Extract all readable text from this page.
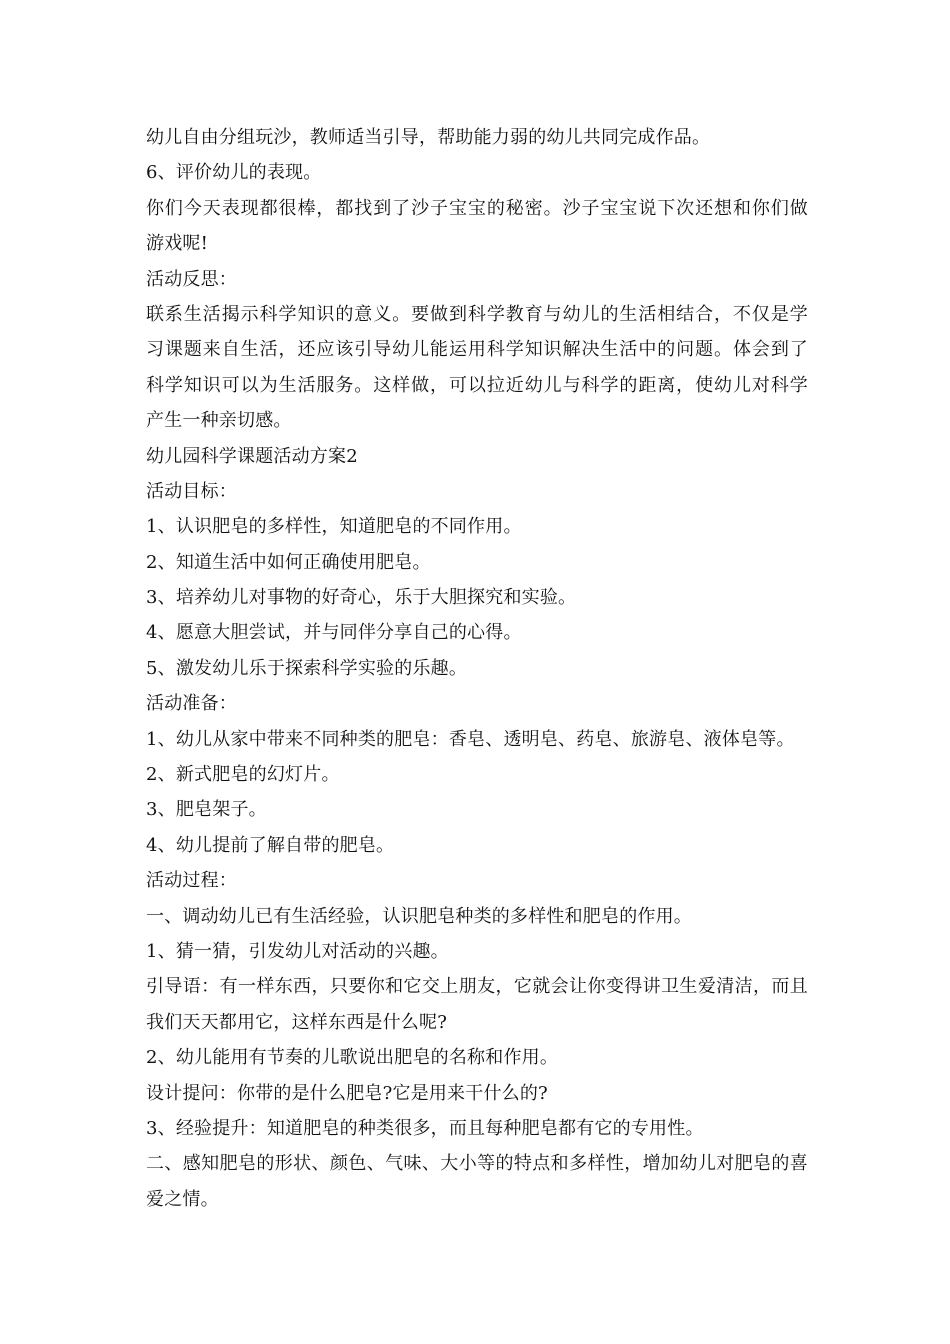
幼儿自由分组玩沙，教师适当引导，帮助能力弱的幼儿共同完成作品。
6、评价幼儿的表现。
你们今天表现都很棒，都找到了沙子宝宝的秘密。沙子宝宝说下次还想和你们做
游戏呢!
活动反思：
联系生活揭示科学知识的意义。要做到科学教育与幼儿的生活相结合，不仅是学
习课题来自生活，还应该引导幼儿能运用科学知识解决生活中的问题。体会到了
科学知识可以为生活服务。这样做，可以拉近幼儿与科学的距离，使幼儿对科学
产生一种亲切感。
幼儿园科学课题活动方案2
活动目标：
1、认识肥皂的多样性，知道肥皂的不同作用。
2、知道生活中如何正确使用肥皂。
3、培养幼儿对事物的好奇心，乐于大胆探究和实验。
4、愿意大胆尝试，并与同伴分享自己的心得。
5、激发幼儿乐于探索科学实验的乐趣。
活动准备：
1、幼儿从家中带来不同种类的肥皂：香皂、透明皂、药皂、旅游皂、液体皂等。
2、新式肥皂的幻灯片。
3、肥皂架子。
4、幼儿提前了解自带的肥皂。
活动过程：
一、调动幼儿已有生活经验，认识肥皂种类的多样性和肥皂的作用。
1、猜一猜，引发幼儿对活动的兴趣。
引导语：有一样东西，只要你和它交上朋友，它就会让你变得讲卫生爱清洁，而且
我们天天都用它，这样东西是什么呢?
2、幼儿能用有节奏的儿歌说出肥皂的名称和作用。
设计提问：你带的是什么肥皂?它是用来干什么的?
3、经验提升：知道肥皂的种类很多，而且每种肥皂都有它的专用性。
二、感知肥皂的形状、颜色、气味、大小等的特点和多样性，增加幼儿对肥皂的喜
爱之情。
